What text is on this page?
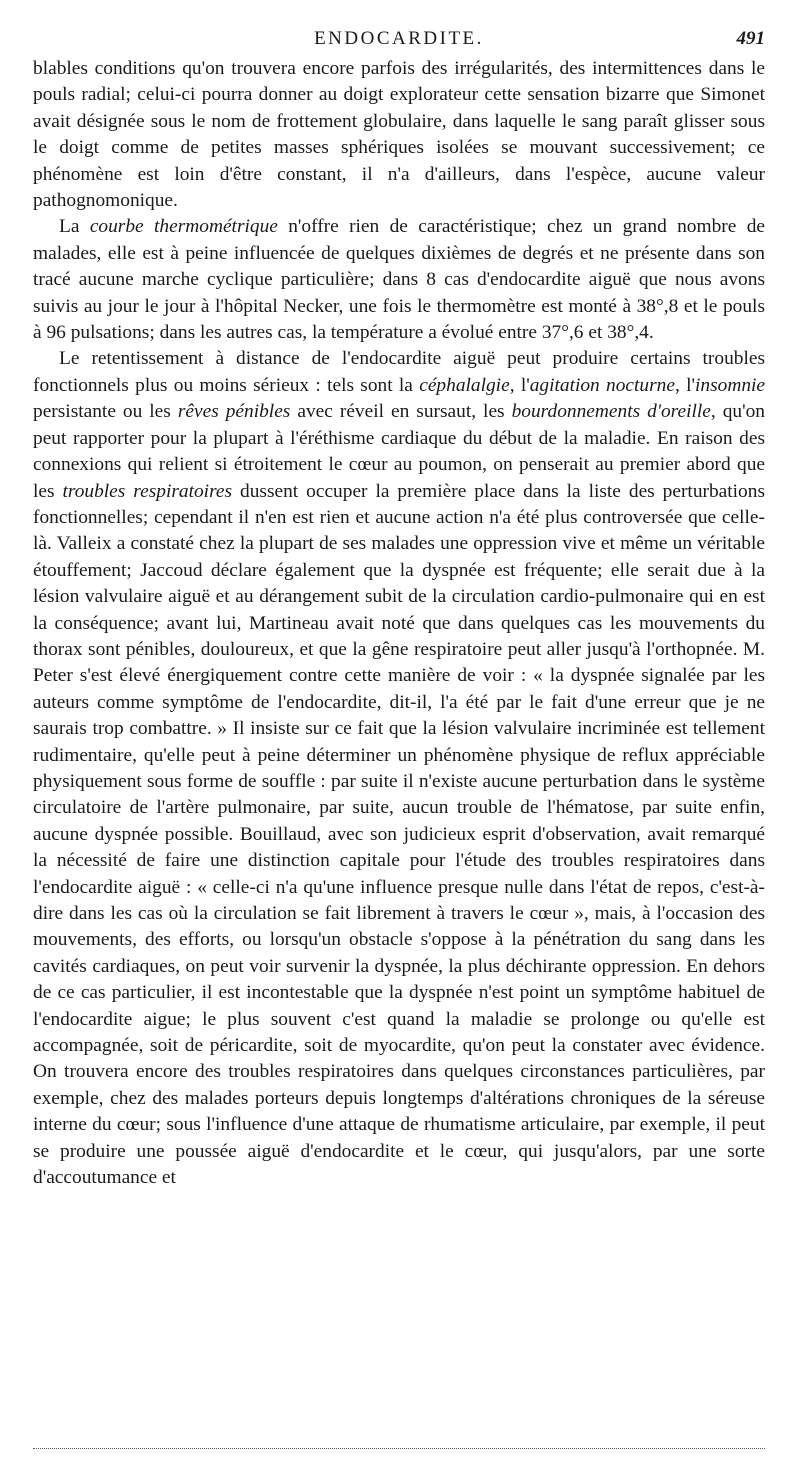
ENDOCARDITE.	491

blables conditions qu'on trouvera encore parfois des irrégularités, des intermittences dans le pouls radial; celui-ci pourra donner au doigt explorateur cette sensation bizarre que Simonet avait désignée sous le nom de frottement globulaire, dans laquelle le sang paraît glisser sous le doigt comme de petites masses sphériques isolées se mouvant successivement; ce phénomène est loin d'être constant, il n'a d'ailleurs, dans l'espèce, aucune valeur pathognomonique.

La courbe thermométrique n'offre rien de caractéristique; chez un grand nombre de malades, elle est à peine influencée de quelques dixièmes de degrés et ne présente dans son tracé aucune marche cyclique particulière; dans 8 cas d'endocardite aiguë que nous avons suivis au jour le jour à l'hôpital Necker, une fois le thermomètre est monté à 38°,8 et le pouls à 96 pulsations; dans les autres cas, la température a évolué entre 37°,6 et 38°,4.

Le retentissement à distance de l'endocardite aiguë peut produire certains troubles fonctionnels plus ou moins sérieux : tels sont la céphalalgie, l'agitation nocturne, l'insomnie persistante ou les rêves pénibles avec réveil en sursaut, les bourdonnements d'oreille, qu'on peut rapporter pour la plupart à l'éréthisme cardiaque du début de la maladie. En raison des connexions qui relient si étroitement le cœur au poumon, on penserait au premier abord que les troubles respiratoires dussent occuper la première place dans la liste des perturbations fonctionnelles; cependant il n'en est rien et aucune action n'a été plus controversée que celle-là. Valleix a constaté chez la plupart de ses malades une oppression vive et même un véritable étouffement; Jaccoud déclare également que la dyspnée est fréquente; elle serait due à la lésion valvulaire aiguë et au dérangement subit de la circulation cardio-pulmonaire qui en est la conséquence; avant lui, Martineau avait noté que dans quelques cas les mouvements du thorax sont pénibles, douloureux, et que la gêne respiratoire peut aller jusqu'à l'orthopnée. M. Peter s'est élevé énergiquement contre cette manière de voir : « la dyspnée signalée par les auteurs comme symptôme de l'endocardite, dit-il, l'a été par le fait d'une erreur que je ne saurais trop combattre. » Il insiste sur ce fait que la lésion valvulaire incriminée est tellement rudimentaire, qu'elle peut à peine déterminer un phénomène physique de reflux appréciable physiquement sous forme de souffle : par suite il n'existe aucune perturbation dans le système circulatoire de l'artère pulmonaire, par suite, aucun trouble de l'hématose, par suite enfin, aucune dyspnée possible. Bouillaud, avec son judicieux esprit d'observation, avait remarqué la nécessité de faire une distinction capitale pour l'étude des troubles respiratoires dans l'endocardite aiguë : « celle-ci n'a qu'une influence presque nulle dans l'état de repos, c'est-à-dire dans les cas où la circulation se fait librement à travers le cœur », mais, à l'occasion des mouvements, des efforts, ou lorsqu'un obstacle s'oppose à la pénétration du sang dans les cavités cardiaques, on peut voir survenir la dyspnée, la plus déchirante oppression. En dehors de ce cas particulier, il est incontestable que la dyspnée n'est point un symptôme habituel de l'endocardite aigue; le plus souvent c'est quand la maladie se prolonge ou qu'elle est accompagnée, soit de péricardite, soit de myocardite, qu'on peut la constater avec évidence. On trouvera encore des troubles respiratoires dans quelques circonstances particulières, par exemple, chez des malades porteurs depuis longtemps d'altérations chroniques de la séreuse interne du cœur; sous l'influence d'une attaque de rhumatisme articulaire, par exemple, il peut se produire une poussée aiguë d'endocardite et le cœur, qui jusqu'alors, par une sorte d'accoutumance et
